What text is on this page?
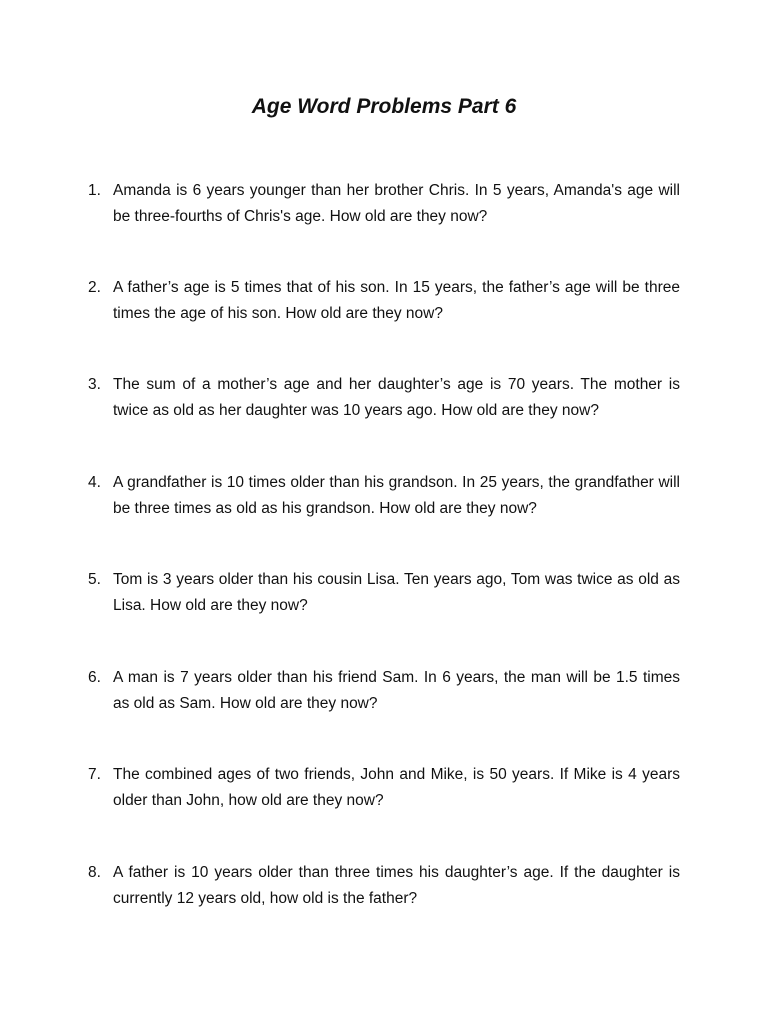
Age Word Problems Part 6
1. Amanda is 6 years younger than her brother Chris. In 5 years, Amanda's age will be three-fourths of Chris's age. How old are they now?
2. A father’s age is 5 times that of his son. In 15 years, the father’s age will be three times the age of his son. How old are they now?
3. The sum of a mother’s age and her daughter’s age is 70 years. The mother is twice as old as her daughter was 10 years ago. How old are they now?
4. A grandfather is 10 times older than his grandson. In 25 years, the grandfather will be three times as old as his grandson. How old are they now?
5. Tom is 3 years older than his cousin Lisa. Ten years ago, Tom was twice as old as Lisa. How old are they now?
6. A man is 7 years older than his friend Sam. In 6 years, the man will be 1.5 times as old as Sam. How old are they now?
7. The combined ages of two friends, John and Mike, is 50 years. If Mike is 4 years older than John, how old are they now?
8. A father is 10 years older than three times his daughter’s age. If the daughter is currently 12 years old, how old is the father?
